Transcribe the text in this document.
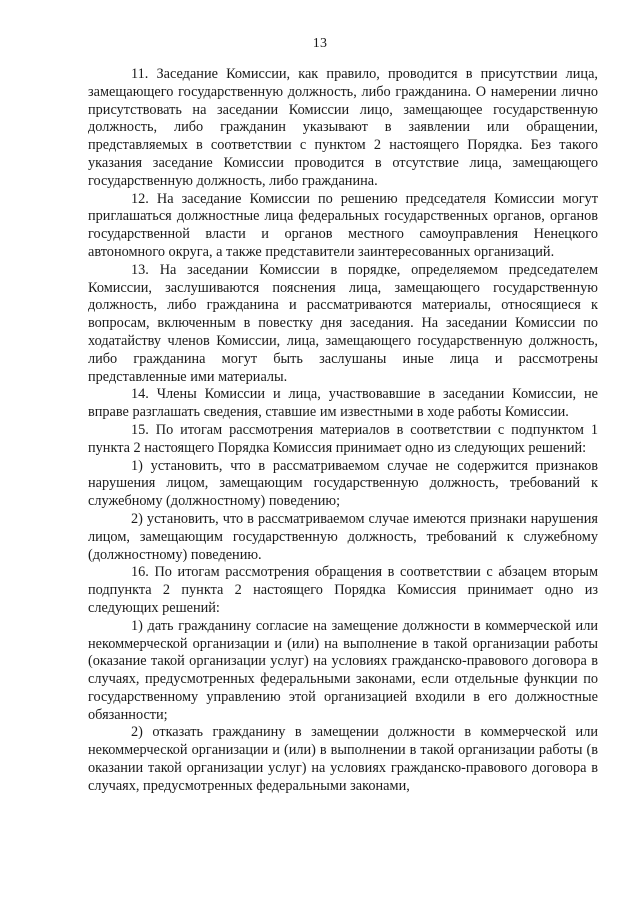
13

11. Заседание Комиссии, как правило, проводится в присутствии лица, замещающего государственную должность, либо гражданина. О намерении лично присутствовать на заседании Комиссии лицо, замещающее государственную должность, либо гражданин указывают в заявлении или обращении, представляемых в соответствии с пунктом 2 настоящего Порядка. Без такого указания заседание Комиссии проводится в отсутствие лица, замещающего государственную должность, либо гражданина.

12. На заседание Комиссии по решению председателя Комиссии могут приглашаться должностные лица федеральных государственных органов, органов государственной власти и органов местного самоуправления Ненецкого автономного округа, а также представители заинтересованных организаций.

13. На заседании Комиссии в порядке, определяемом председателем Комиссии, заслушиваются пояснения лица, замещающего государственную должность, либо гражданина и рассматриваются материалы, относящиеся к вопросам, включенным в повестку дня заседания. На заседании Комиссии по ходатайству членов Комиссии, лица, замещающего государственную должность, либо гражданина могут быть заслушаны иные лица и рассмотрены представленные ими материалы.

14. Члены Комиссии и лица, участвовавшие в заседании Комиссии, не вправе разглашать сведения, ставшие им известными в ходе работы Комиссии.

15. По итогам рассмотрения материалов в соответствии с подпунктом 1 пункта 2 настоящего Порядка Комиссия принимает одно из следующих решений:

1) установить, что в рассматриваемом случае не содержится признаков нарушения лицом, замещающим государственную должность, требований к служебному (должностному) поведению;

2) установить, что в рассматриваемом случае имеются признаки нарушения лицом, замещающим государственную должность, требований к служебному (должностному) поведению.

16. По итогам рассмотрения обращения в соответствии с абзацем вторым подпункта 2 пункта 2 настоящего Порядка Комиссия принимает одно из следующих решений:

1) дать гражданину согласие на замещение должности в коммерческой или некоммерческой организации и (или) на выполнение в такой организации работы (оказание такой организации услуг) на условиях гражданско-правового договора в случаях, предусмотренных федеральными законами, если отдельные функции по государственному управлению этой организацией входили в его должностные обязанности;

2) отказать гражданину в замещении должности в коммерческой или некоммерческой организации и (или) в выполнении в такой организации работы (в оказании такой организации услуг) на условиях гражданско-правового договора в случаях, предусмотренных федеральными законами,
